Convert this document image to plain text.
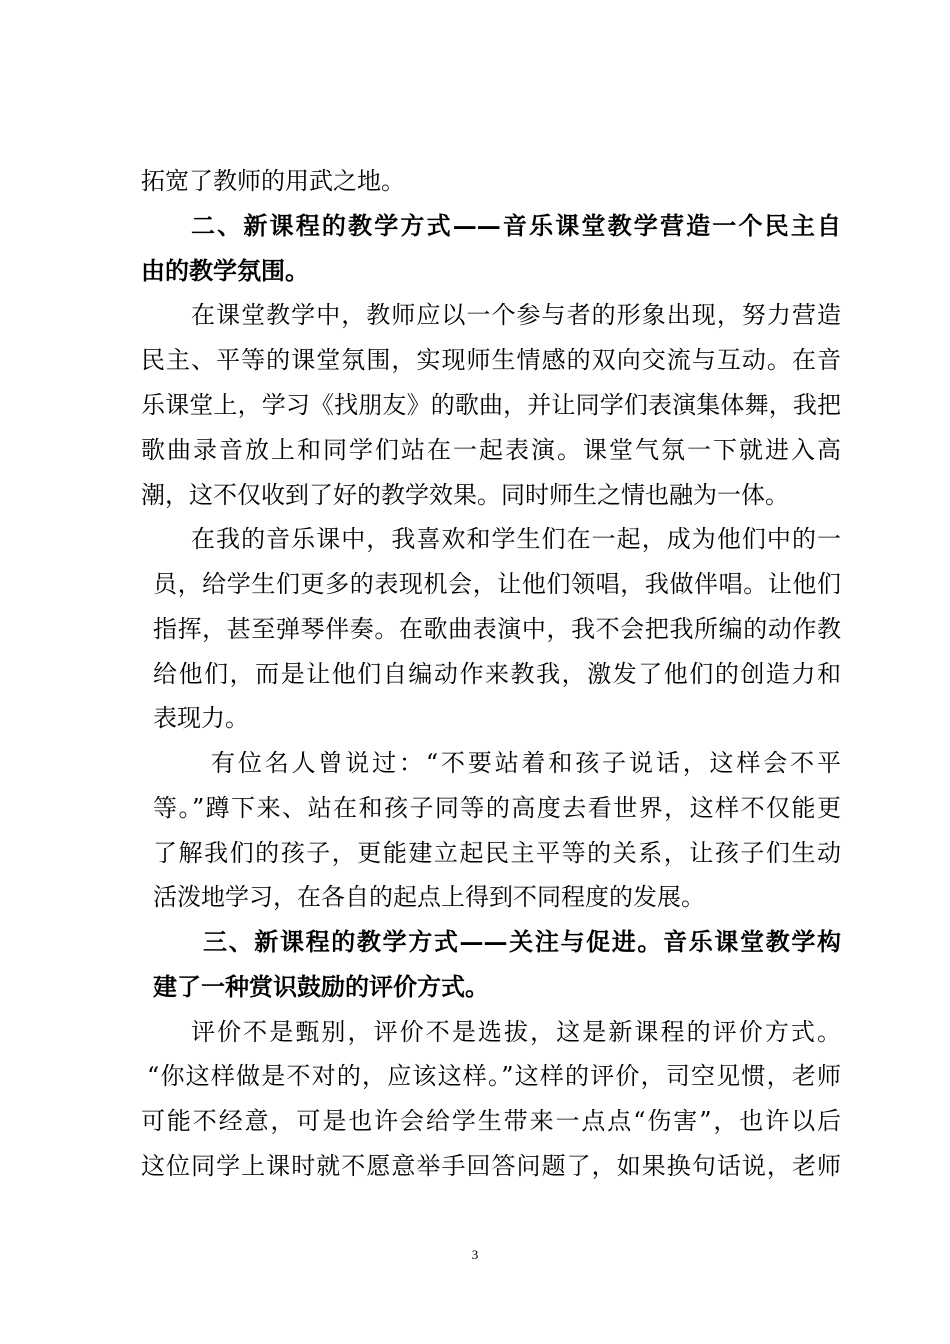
拓宽了教师的用武之地。
二、新课程的教学方式——音乐课堂教学营造一个民主自
由的教学氛围。
在课堂教学中，教师应以一个参与者的形象出现，努力营造
民主、平等的课堂氛围，实现师生情感的双向交流与互动。在音
乐课堂上，学习《找朋友》的歌曲，并让同学们表演集体舞，我把
歌曲录音放上和同学们站在一起表演。课堂气氛一下就进入高
潮，这不仅收到了好的教学效果。同时师生之情也融为一体。
在我的音乐课中，我喜欢和学生们在一起，成为他们中的一
员，给学生们更多的表现机会，让他们领唱，我做伴唱。让他们
指挥，甚至弹琴伴奏。在歌曲表演中，我不会把我所编的动作教
给他们，而是让他们自编动作来教我，激发了他们的创造力和
表现力。
有位名人曾说过：“不要站着和孩子说话，这样会不平
等。”蹲下来、站在和孩子同等的高度去看世界，这样不仅能更
了解我们的孩子，更能建立起民主平等的关系，让孩子们生动
活泼地学习，在各自的起点上得到不同程度的发展。
三、新课程的教学方式——关注与促进。音乐课堂教学构
建了一种赏识鼓励的评价方式。
评价不是甄别，评价不是选拔，这是新课程的评价方式。
“你这样做是不对的，应该这样。”这样的评价，司空见惯，老师
可能不经意，可是也许会给学生带来一点点“伤害”，也许以后
这位同学上课时就不愿意举手回答问题了，如果换句话说，老师
3
